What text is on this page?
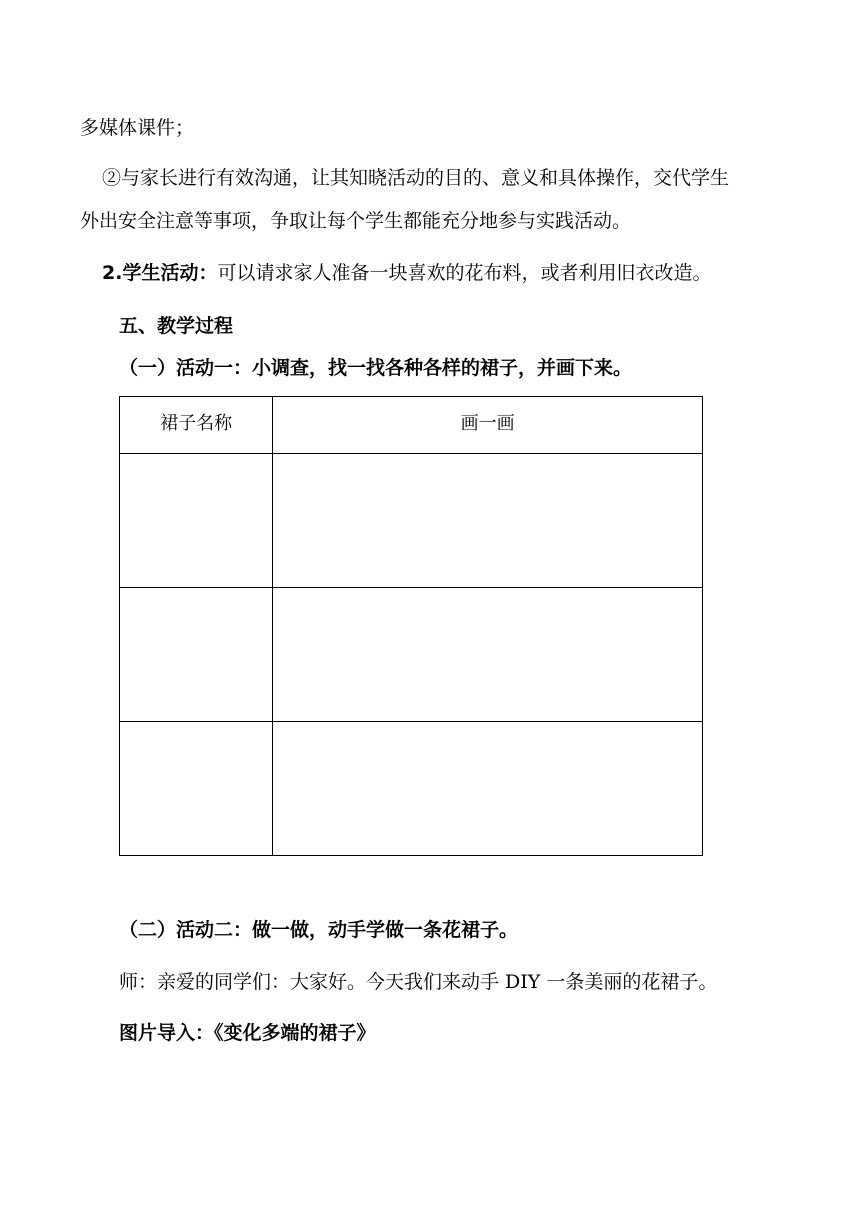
多媒体课件；
②与家长进行有效沟通，让其知晓活动的目的、意义和具体操作，交代学生
外出安全注意等事项，争取让每个学生都能充分地参与实践活动。
2.学生活动：可以请求家人准备一块喜欢的花布料，或者利用旧衣改造。
五、教学过程
（一）活动一：小调查，找一找各种各样的裙子，并画下来。
裙子名称	画一画

（二）活动二：做一做，动手学做一条花裙子。
师：亲爱的同学们：大家好。今天我们来动手 DIY 一条美丽的花裙子。
图片导入：《变化多端的裙子》
